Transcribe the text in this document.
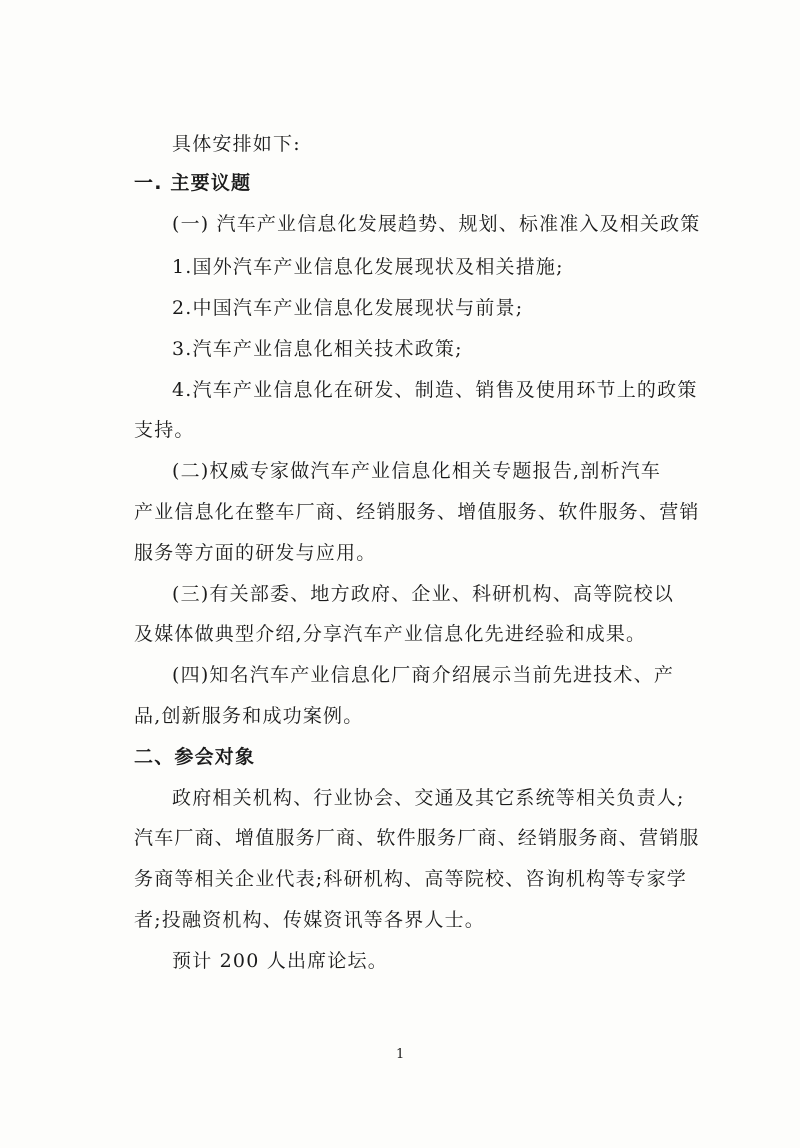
具体安排如下:
一. 主要议题
(一) 汽车产业信息化发展趋势、规划、标准准入及相关政策
1.国外汽车产业信息化发展现状及相关措施;
2.中国汽车产业信息化发展现状与前景;
3.汽车产业信息化相关技术政策;
4.汽车产业信息化在研发、制造、销售及使用环节上的政策
支持。
(二)权威专家做汽车产业信息化相关专题报告,剖析汽车
产业信息化在整车厂商、经销服务、增值服务、软件服务、营销
服务等方面的研发与应用。
(三)有关部委、地方政府、企业、科研机构、高等院校以
及媒体做典型介绍,分享汽车产业信息化先进经验和成果。
(四)知名汽车产业信息化厂商介绍展示当前先进技术、产
品,创新服务和成功案例。
二、参会对象
政府相关机构、行业协会、交通及其它系统等相关负责人;
汽车厂商、增值服务厂商、软件服务厂商、经销服务商、营销服
务商等相关企业代表;科研机构、高等院校、咨询机构等专家学
者;投融资机构、传媒资讯等各界人士。
预计 200 人出席论坛。
1
